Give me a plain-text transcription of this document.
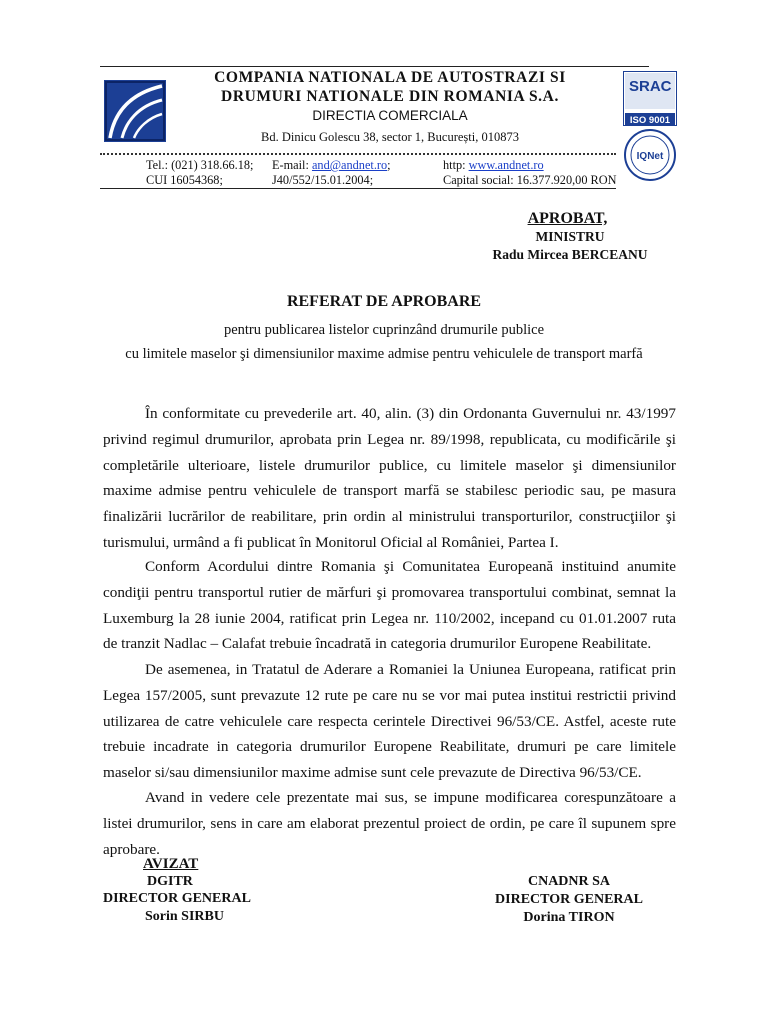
COMPANIA NATIONALA DE AUTOSTRAZI SI
DRUMURI NATIONALE DIN ROMANIA S.A.
DIRECTIA COMERCIALA
Bd. Dinicu Golescu 38, sector 1, București, 010873
SRAC
ISO 9001
IQNet
Tel.: (021) 318.66.18; E-mail: and@andnet.ro;	http: www.andnet.ro
CUI 16054368;	J40/552/15.01.2004;	Capital social: 16.377.920,00 RON
APROBAT,
MINISTRU
Radu Mircea BERCEANU
REFERAT DE APROBARE
pentru publicarea listelor cuprinzând drumurile publice
cu limitele maselor şi dimensiunilor maxime admise pentru vehiculele de transport marfă
În conformitate cu prevederile art. 40, alin. (3) din Ordonanta Guvernului nr. 43/1997 privind regimul drumurilor, aprobata prin Legea nr. 89/1998, republicata, cu modificările şi completările ulterioare, listele drumurilor publice, cu limitele maselor şi dimensiunilor maxime admise pentru vehiculele de transport marfă se stabilesc periodic sau, pe masura finalizării lucrărilor de reabilitare, prin ordin al ministrului transporturilor, construcţiilor şi turismului, urmând a fi publicat în Monitorul Oficial al României, Partea I.
Conform Acordului dintre Romania şi Comunitatea Europeană instituind anumite condiţii pentru transportul rutier de mărfuri şi promovarea transportului combinat, semnat la Luxemburg la 28 iunie 2004, ratificat prin Legea nr. 110/2002, incepand cu 01.01.2007 ruta de tranzit Nadlac – Calafat trebuie încadrată in categoria drumurilor Europene Reabilitate.
De asemenea, in Tratatul de Aderare a Romaniei la Uniunea Europeana, ratificat prin Legea 157/2005, sunt prevazute 12 rute pe care nu se vor mai putea institui restrictii privind utilizarea de catre vehiculele care respecta cerintele Directivei 96/53/CE. Astfel, aceste rute trebuie incadrate in categoria drumurilor Europene Reabilitate, drumuri pe care limitele maselor si/sau dimensiunilor maxime admise sunt cele prevazute de Directiva 96/53/CE.
Avand in vedere cele prezentate mai sus, se impune modificarea corespunzătoare a listei drumurilor, sens in care am elaborat prezentul proiect de ordin, pe care îl supunem spre aprobare.
AVIZAT
DGITR
DIRECTOR GENERAL
Sorin SIRBU
CNADNR SA
DIRECTOR GENERAL
Dorina TIRON
